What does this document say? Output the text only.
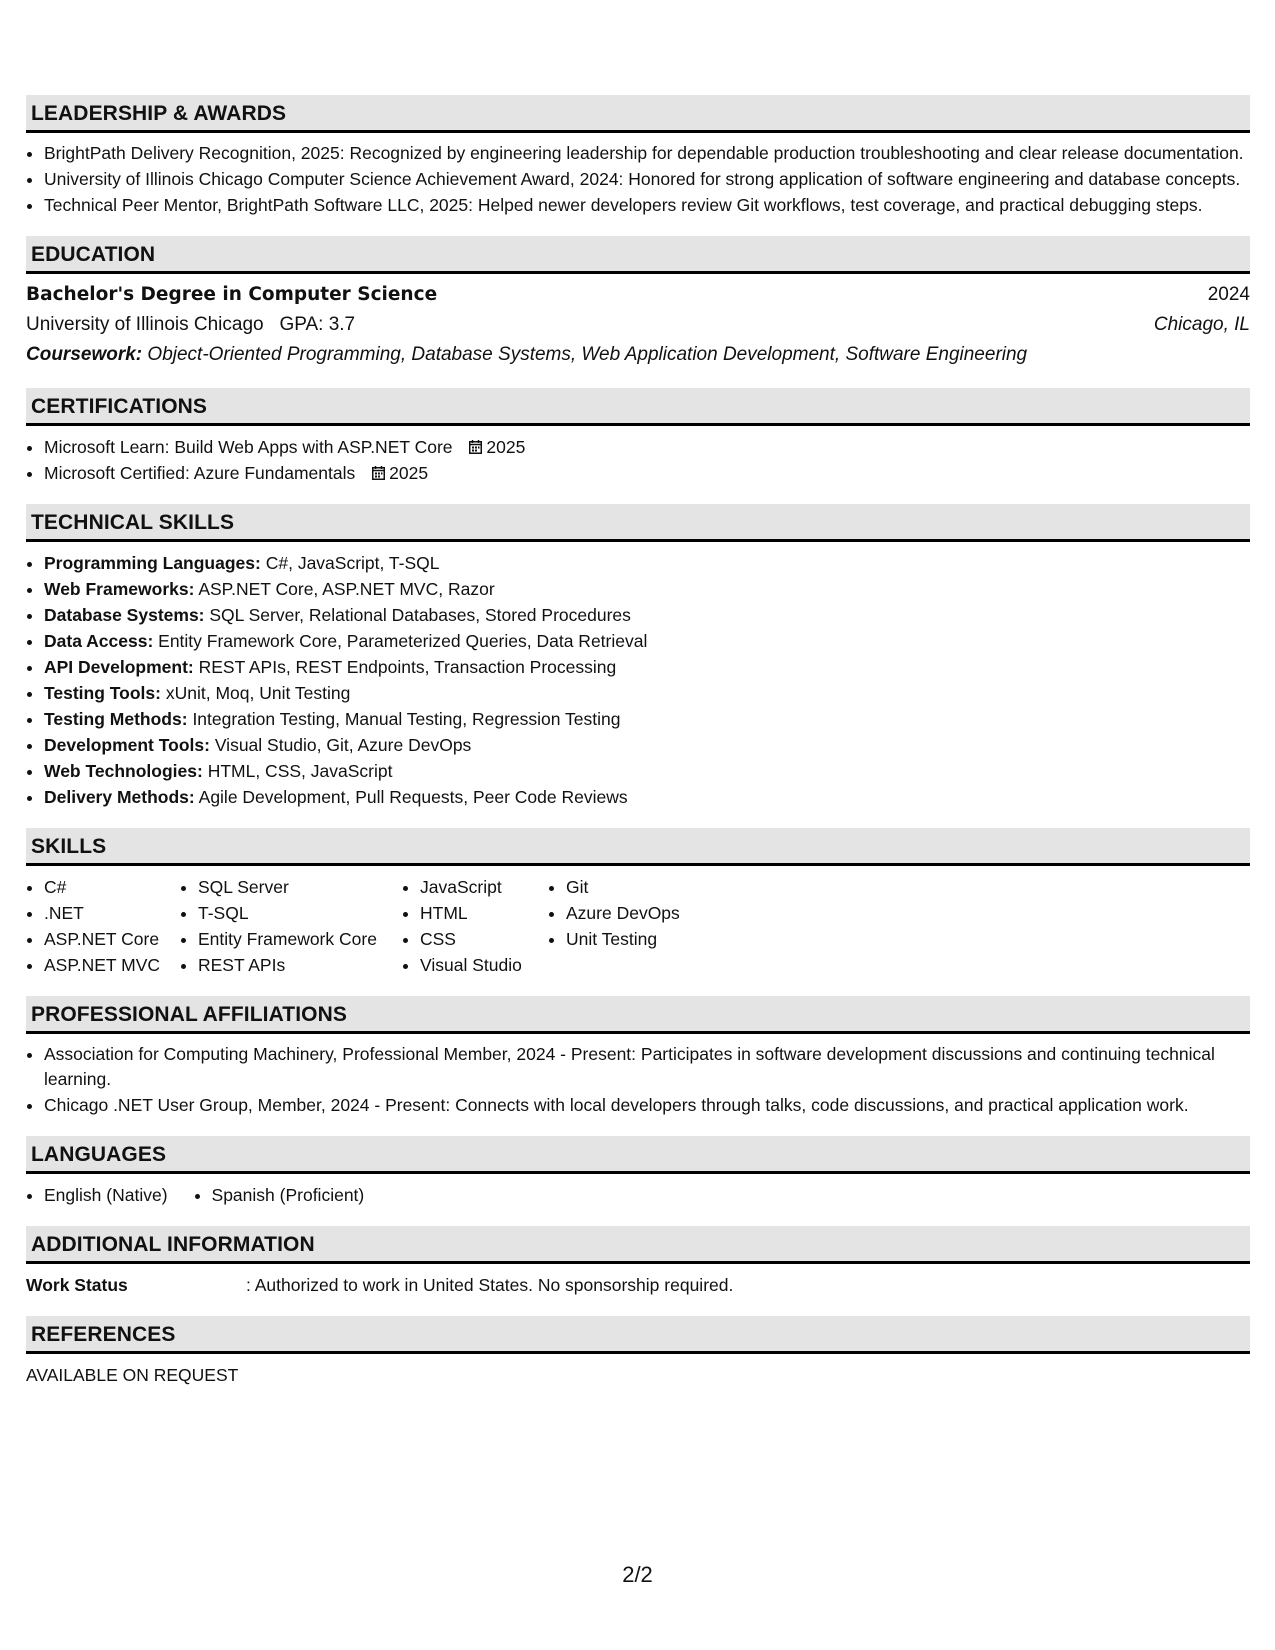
LEADERSHIP & AWARDS
• BrightPath Delivery Recognition, 2025: Recognized by engineering leadership for dependable production troubleshooting and clear release documentation.
• University of Illinois Chicago Computer Science Achievement Award, 2024: Honored for strong application of software engineering and database concepts.
• Technical Peer Mentor, BrightPath Software LLC, 2025: Helped newer developers review Git workflows, test coverage, and practical debugging steps.
EDUCATION
Bachelor's Degree in Computer Science	2024
University of Illinois Chicago GPA: 3.7	Chicago, IL
Coursework: Object-Oriented Programming, Database Systems, Web Application Development, Software Engineering
CERTIFICATIONS
• Microsoft Learn: Build Web Apps with ASP.NET Core 2025
• Microsoft Certified: Azure Fundamentals 2025
TECHNICAL SKILLS
• Programming Languages: C#, JavaScript, T-SQL
• Web Frameworks: ASP.NET Core, ASP.NET MVC, Razor
• Database Systems: SQL Server, Relational Databases, Stored Procedures
• Data Access: Entity Framework Core, Parameterized Queries, Data Retrieval
• API Development: REST APIs, REST Endpoints, Transaction Processing
• Testing Tools: xUnit, Moq, Unit Testing
• Testing Methods: Integration Testing, Manual Testing, Regression Testing
• Development Tools: Visual Studio, Git, Azure DevOps
• Web Technologies: HTML, CSS, JavaScript
• Delivery Methods: Agile Development, Pull Requests, Peer Code Reviews
SKILLS
• C#
• .NET
• ASP.NET Core
• ASP.NET MVC
• SQL Server
• T-SQL
• Entity Framework Core
• REST APIs
• JavaScript
• HTML
• CSS
• Visual Studio
• Git
• Azure DevOps
• Unit Testing
PROFESSIONAL AFFILIATIONS
• Association for Computing Machinery, Professional Member, 2024 - Present: Participates in software development discussions and continuing technical learning.
• Chicago .NET User Group, Member, 2024 - Present: Connects with local developers through talks, code discussions, and practical application work.
LANGUAGES
• English (Native)
•	Spanish (Proficient)
ADDITIONAL INFORMATION
Work Status	: Authorized to work in United States. No sponsorship required.
REFERENCES
AVAILABLE ON REQUEST
2/2
